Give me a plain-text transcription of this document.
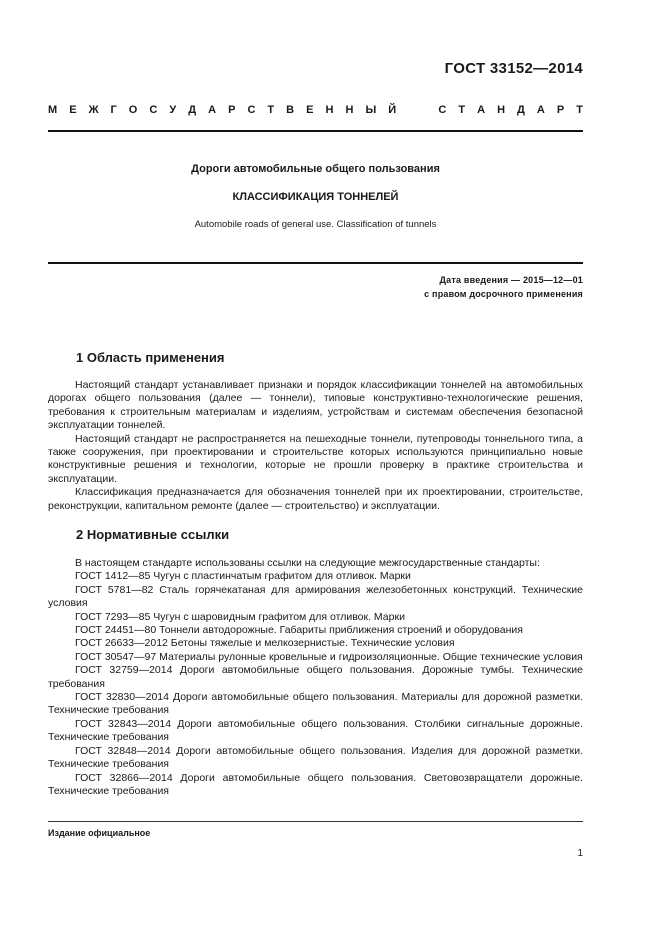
ГОСТ 33152—2014
М Е Ж Г О С У Д А Р С Т В Е Н Н Ы Й     С Т А Н Д А Р Т
Дороги автомобильные общего пользования
КЛАССИФИКАЦИЯ ТОННЕЛЕЙ
Automobile roads of general use. Classification of tunnels
Дата введения — 2015—12—01
с правом досрочного применения
1 Область применения

Настоящий стандарт устанавливает признаки и порядок классификации тоннелей на автомобильных дорогах общего пользования (далее — тоннели), типовые конструктивно-технологические решения, требования к строительным материалам и изделиям, устройствам и системам обеспечения безопасной эксплуатации тоннелей.

Настоящий стандарт не распространяется на пешеходные тоннели, путепроводы тоннельного типа, а также сооружения, при проектировании и строительстве которых используются принципиально новые конструктивные решения и технологии, которые не прошли проверку в практике строительства и эксплуатации.

Классификация предназначается для обозначения тоннелей при их проектировании, строительстве, реконструкции, капитальном ремонте (далее — строительство) и эксплуатации.

2 Нормативные ссылки

В настоящем стандарте использованы ссылки на следующие межгосударственные стандарты:

ГОСТ 1412—85 Чугун с пластинчатым графитом для отливок. Марки

ГОСТ 5781—82 Сталь горячекатаная для армирования железобетонных конструкций. Технические условия

ГОСТ 7293—85 Чугун с шаровидным графитом для отливок. Марки

ГОСТ 24451—80 Тоннели автодорожные. Габариты приближения строений и оборудования

ГОСТ 26633—2012 Бетоны тяжелые и мелкозернистые. Технические условия

ГОСТ 30547—97 Материалы рулонные кровельные и гидроизоляционные. Общие технические условия

ГОСТ 32759—2014 Дороги автомобильные общего пользования. Дорожные тумбы. Технические требования

ГОСТ 32830—2014 Дороги автомобильные общего пользования. Материалы для дорожной разметки. Технические требования

ГОСТ 32843—2014 Дороги автомобильные общего пользования. Столбики сигнальные дорожные. Технические требования

ГОСТ 32848—2014 Дороги автомобильные общего пользования. Изделия для дорожной разметки. Технические требования

ГОСТ 32866—2014 Дороги автомобильные общего пользования. Световозвращатели дорожные. Технические требования

Издание официальное
1
